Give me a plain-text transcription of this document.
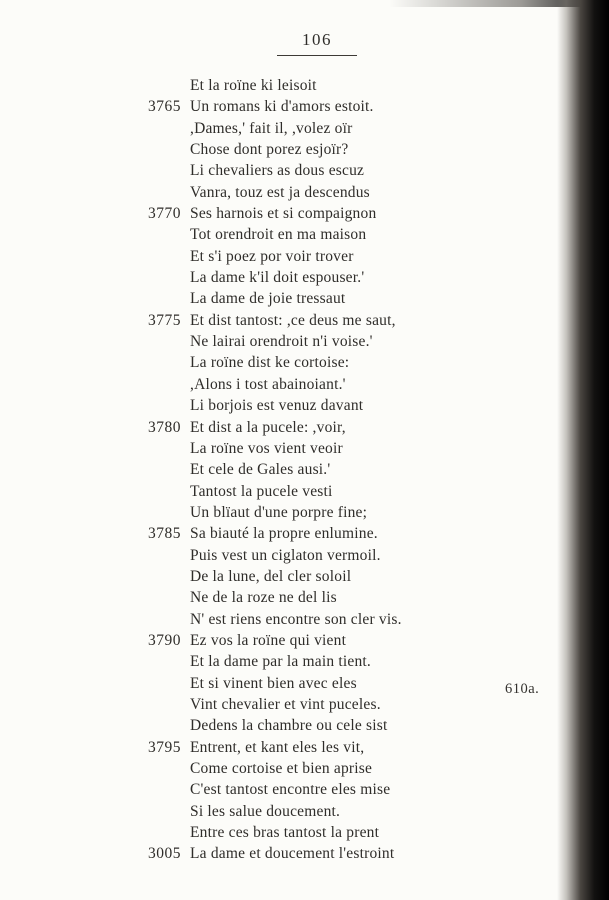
106
Et la roïne ki leisoit
3765 Un romans ki d'amors estoit.
,Dames,' fait il, ,volez oïr
Chose dont porez esjoïr?
Li chevaliers as dous escuz
Vanra, touz est ja descendus
3770 Ses harnois et si compaignon
Tot orendroit en ma maison
Et s'i poez por voir trover
La dame k'il doit espouser.'
La dame de joie tressaut
3775 Et dist tantost: ,ce deus me saut,
Ne lairai orendroit n'i voise.'
La roïne dist ke cortoise:
,Alons i tost abainoiant.'
Li borjois est venuz davant
3780 Et dist a la pucele: ,voir,
La roïne vos vient veoir
Et cele de Gales ausi.'
Tantost la pucele vesti
Un blïaut d'une porpre fine;
3785 Sa biauté la propre enlumine.
Puis vest un ciglaton vermoil.
De la lune, del cler soloil
Ne de la roze ne del lis
N' est riens encontre son cler vis.
3790 Ez vos la roïne qui vient
Et la dame par la main tient.
Et si vinent bien avec eles
Vint chevalier et vint puceles.
Dedens la chambre ou cele sist
3795 Entrent, et kant eles les vit,
Come cortoise et bien aprise
C'est tantost encontre eles mise
Si les salue doucement.
Entre ces bras tantost la prent
3005 La dame et doucement l'estroint
610a.
